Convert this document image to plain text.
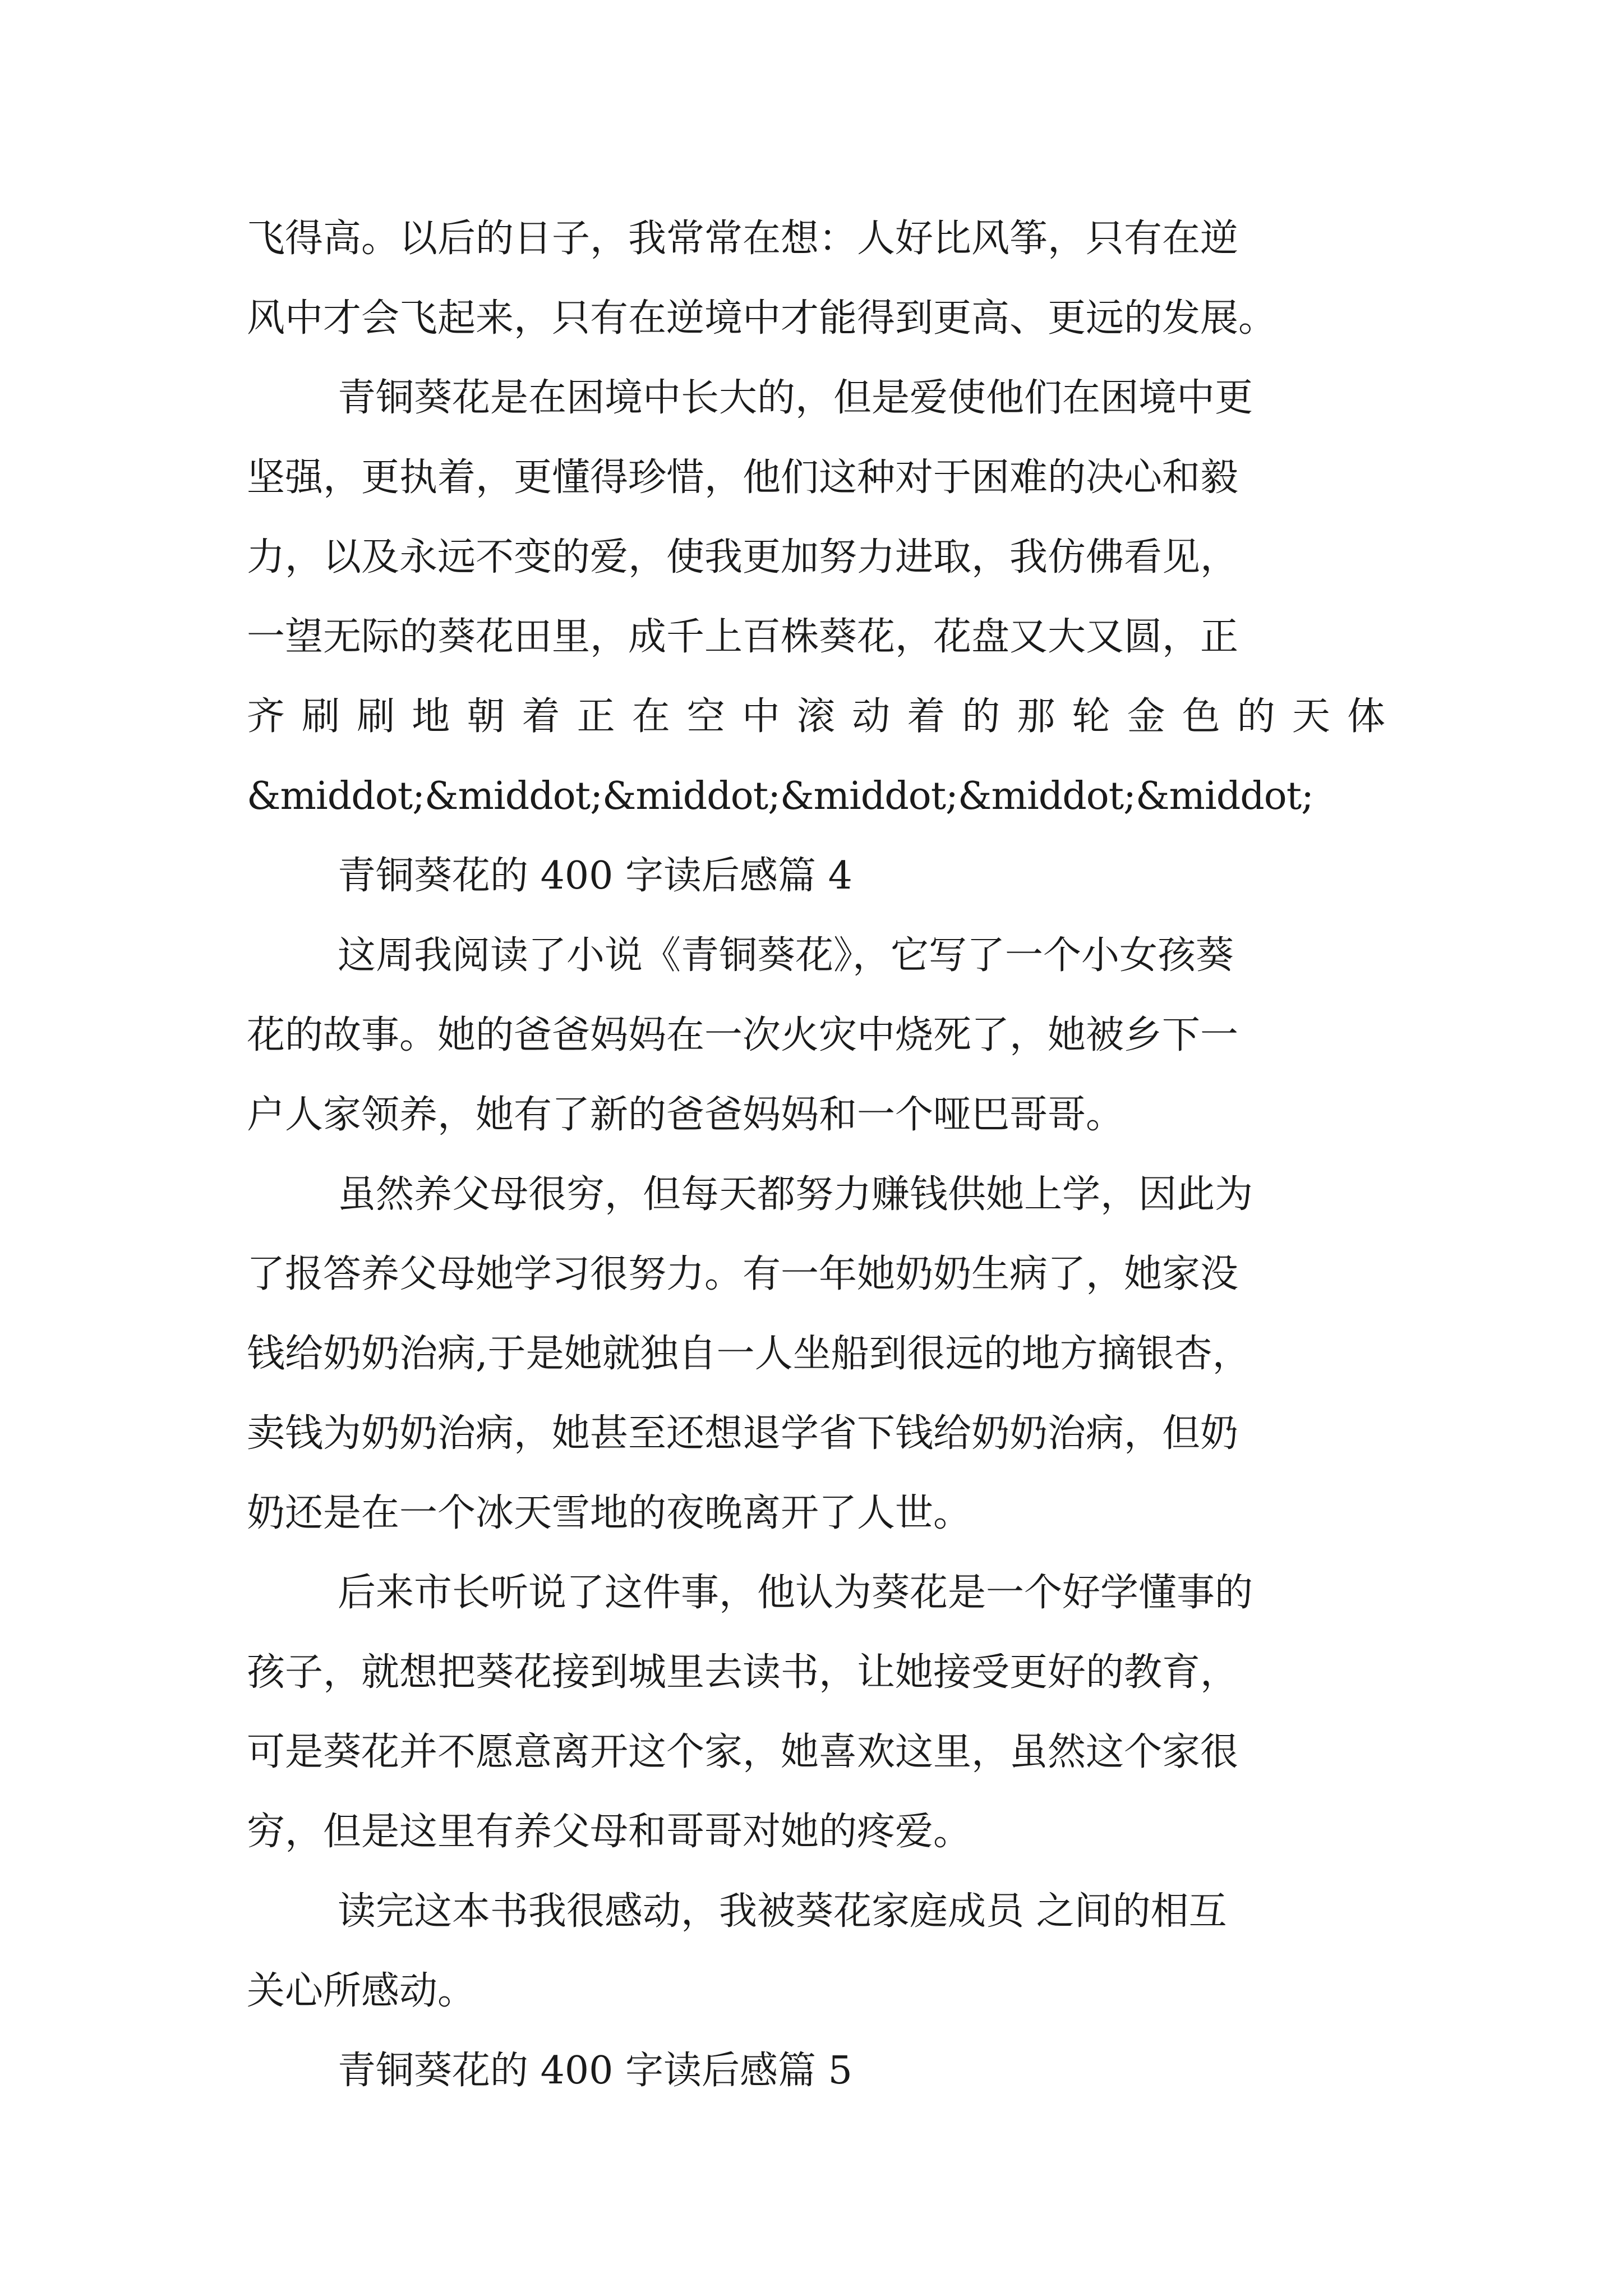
飞得高。以后的日子，我常常在想：人好比风筝，只有在逆
风中才会飞起来，只有在逆境中才能得到更高、更远的发展。
青铜葵花是在困境中长大的，但是爱使他们在困境中更
坚强，更执着，更懂得珍惜，他们这种对于困难的决心和毅
力，以及永远不变的爱，使我更加努力进取，我仿佛看见，
一望无际的葵花田里，成千上百株葵花，花盘又大又圆，正
齐刷刷地朝着正在空中滚动着的那轮金色的天体
&middot;&middot;&middot;&middot;&middot;&middot;
青铜葵花的 400 字读后感篇 4
这周我阅读了小说《青铜葵花》，它写了一个小女孩葵
花的故事。她的爸爸妈妈在一次火灾中烧死了，她被乡下一
户人家领养，她有了新的爸爸妈妈和一个哑巴哥哥。
虽然养父母很穷，但每天都努力赚钱供她上学，因此为
了报答养父母她学习很努力。有一年她奶奶生病了，她家没
钱给奶奶治病,于是她就独自一人坐船到很远的地方摘银杏，
卖钱为奶奶治病，她甚至还想退学省下钱给奶奶治病，但奶
奶还是在一个冰天雪地的夜晚离开了人世。
后来市长听说了这件事，他认为葵花是一个好学懂事的
孩子，就想把葵花接到城里去读书，让她接受更好的教育，
可是葵花并不愿意离开这个家，她喜欢这里，虽然这个家很
穷，但是这里有养父母和哥哥对她的疼爱。
读完这本书我很感动，我被葵花家庭成员 之间的相互
关心所感动。
青铜葵花的 400 字读后感篇 5
